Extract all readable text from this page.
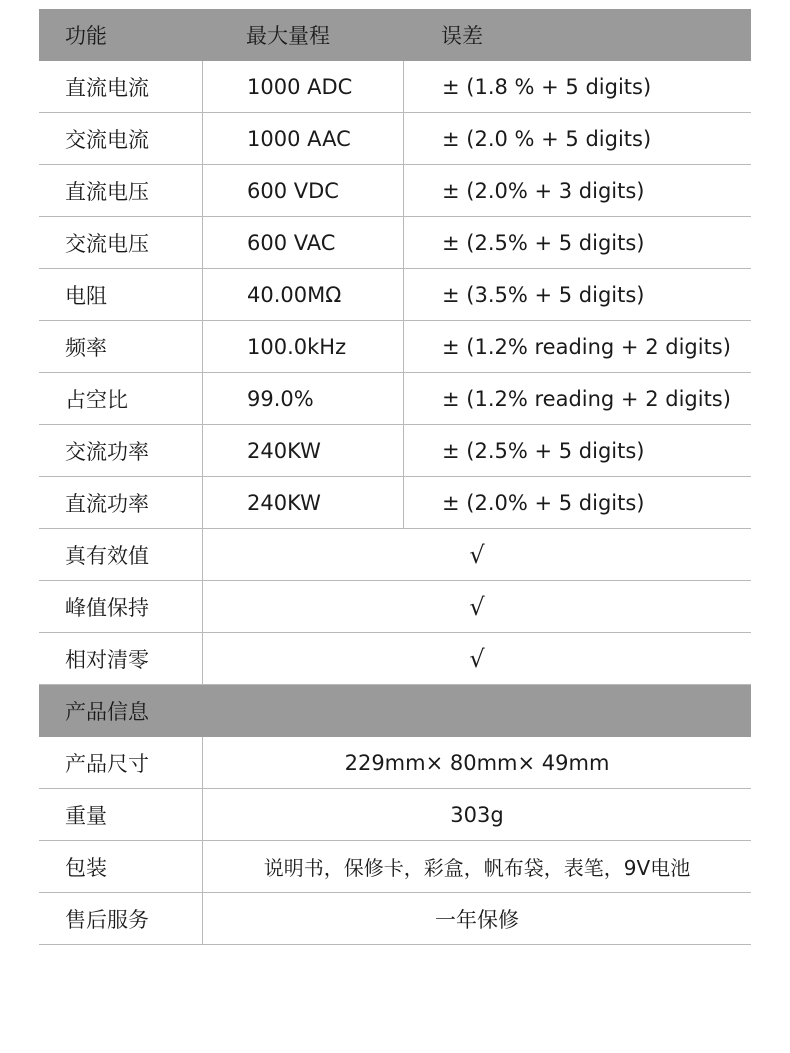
功能	最大量程	误差
直流电流	1000 ADC	± (1.8 % + 5 digits)
交流电流	1000 AAC	± (2.0 % + 5 digits)
直流电压	600 VDC	± (2.0% + 3 digits)
交流电压	600 VAC	± (2.5% + 5 digits)
电阻	40.00MΩ	± (3.5% + 5 digits)
频率	100.0kHz	± (1.2% reading + 2 digits)
占空比	99.0%	± (1.2% reading + 2 digits)
交流功率	240KW	± (2.5% + 5 digits)
直流功率	240KW	± (2.0% + 5 digits)
真有效值	√
峰值保持	√
相对清零	√
产品信息
产品尺寸	229mm× 80mm× 49mm
重量	303g
包装	说明书，保修卡，彩盒，帆布袋，表笔，9V电池
售后服务	一年保修
